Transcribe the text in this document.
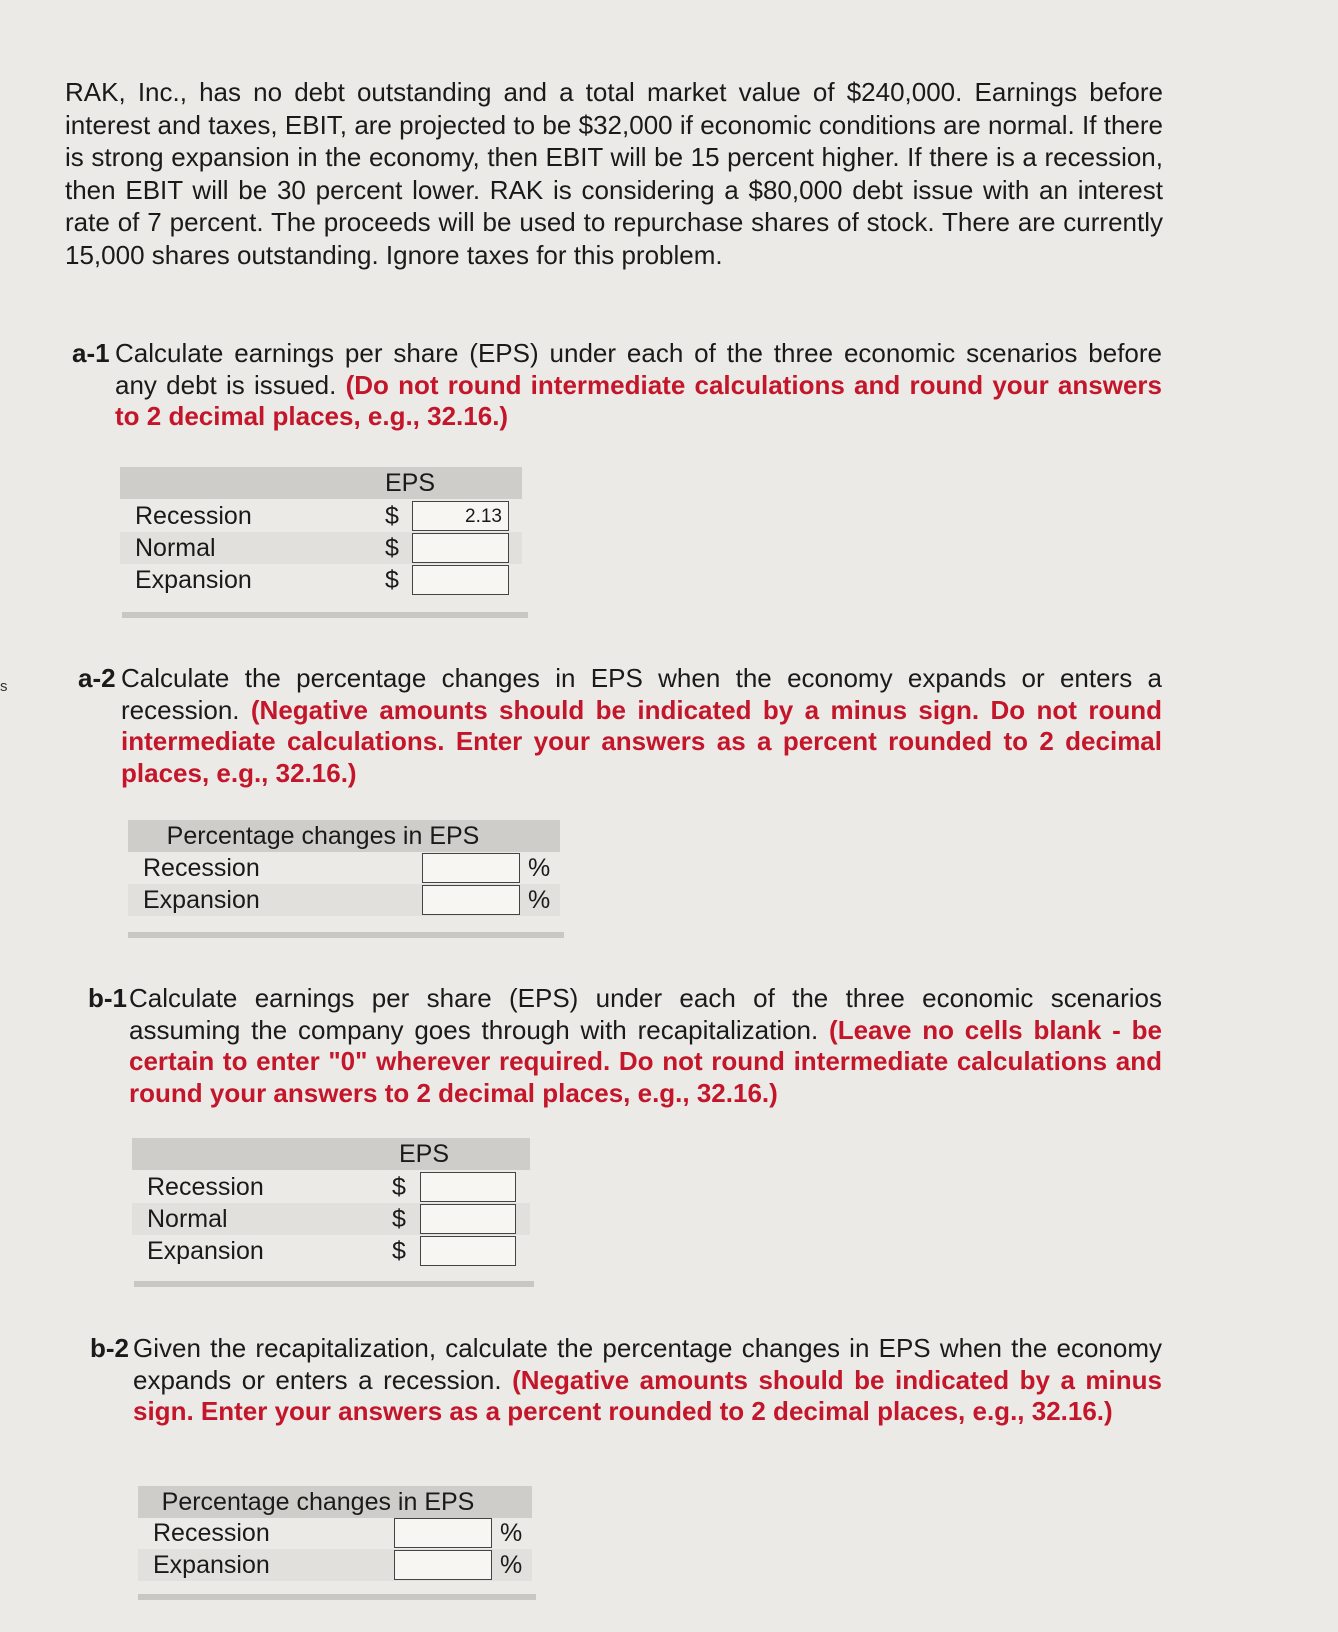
s
RAK, Inc., has no debt outstanding and a total market value of $240,000. Earnings before interest and taxes, EBIT, are projected to be $32,000 if economic conditions are normal. If there is strong expansion in the economy, then EBIT will be 15 percent higher. If there is a recession, then EBIT will be 30 percent lower. RAK is considering a $80,000 debt issue with an interest rate of 7 percent. The proceeds will be used to repurchase shares of stock. There are currently 15,000 shares outstanding. Ignore taxes for this problem.
a-1 Calculate earnings per share (EPS) under each of the three economic scenarios before any debt is issued. (Do not round intermediate calculations and round your answers to 2 decimal places, e.g., 32.16.)
EPS
Recession	$	2.13
Normal	$
Expansion	$
a-2 Calculate the percentage changes in EPS when the economy expands or enters a recession. (Negative amounts should be indicated by a minus sign. Do not round intermediate calculations. Enter your answers as a percent rounded to 2 decimal places, e.g., 32.16.)
Percentage changes in EPS
Recession	%
Expansion	%
b-1 Calculate earnings per share (EPS) under each of the three economic scenarios assuming the company goes through with recapitalization. (Leave no cells blank - be certain to enter "0" wherever required. Do not round intermediate calculations and round your answers to 2 decimal places, e.g., 32.16.)
EPS
Recession	$
Normal	$
Expansion	$
b-2 Given the recapitalization, calculate the percentage changes in EPS when the economy expands or enters a recession. (Negative amounts should be indicated by a minus sign. Enter your answers as a percent rounded to 2 decimal places, e.g., 32.16.)
Percentage changes in EPS
Recession	%
Expansion	%
